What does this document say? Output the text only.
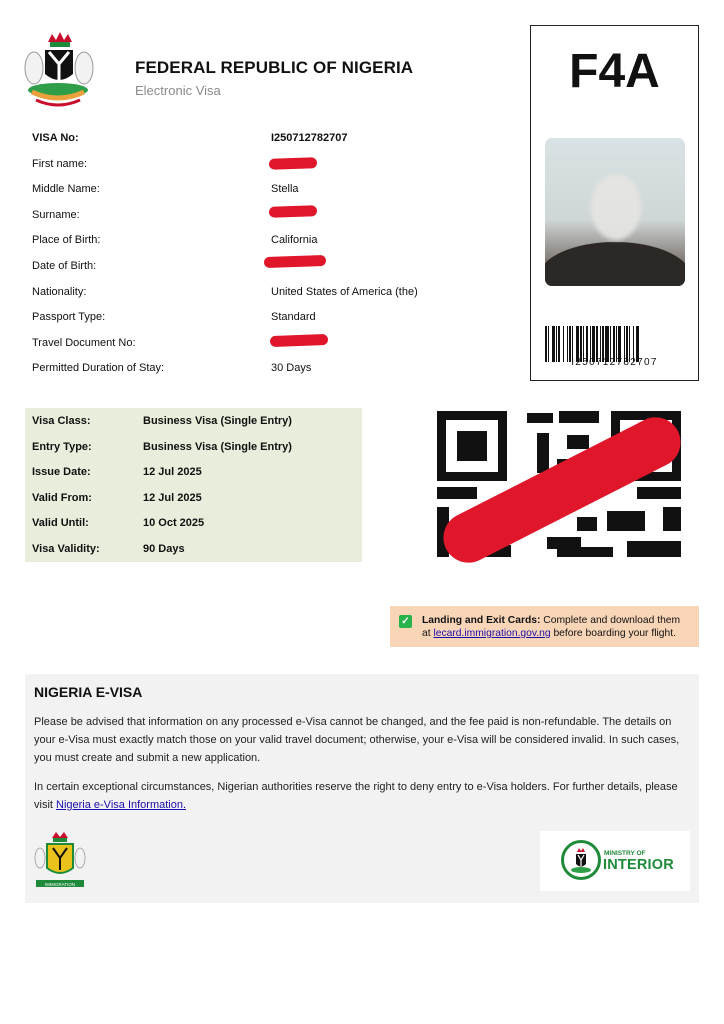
FEDERAL REPUBLIC OF NIGERIA
Electronic Visa
VISA No:	I250712782707
First name:
Middle Name:	Stella
Surname:
Place of Birth:	California
Date of Birth:
Nationality:	United States of America (the)
Passport Type:	Standard
Travel Document No:
Permitted Duration of Stay:	30 Days
F4A
I250712782707
Visa Class:	Business Visa (Single Entry)
Entry Type:	Business Visa (Single Entry)
Issue Date:	12 Jul 2025
Valid From:	12 Jul 2025
Valid Until:	10 Oct 2025
Visa Validity:	90 Days
✓ Landing and Exit Cards: Complete and download them at lecard.immigration.gov.ng before boarding your flight.
NIGERIA E-VISA

Please be advised that information on any processed e-Visa cannot be changed, and the fee paid is non-refundable. The details on your e-Visa must exactly match those on your valid travel document; otherwise, your e-Visa will be considered invalid. In such cases, you must create and submit a new application.

In certain exceptional circumstances, Nigerian authorities reserve the right to deny entry to e-Visa holders. For further details, please visit Nigeria e-Visa Information.

IMMIGRATION
MINISTRY OF
INTERIOR
